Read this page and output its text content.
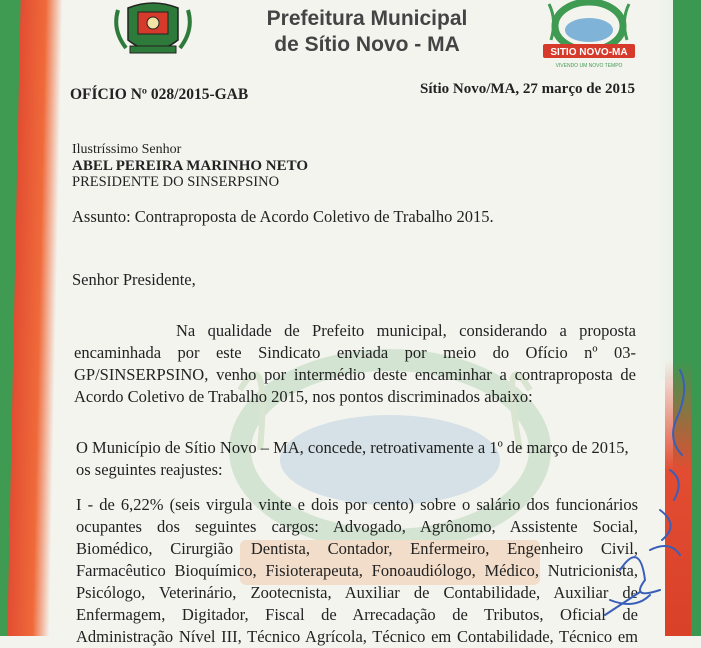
Prefeitura Municipal
de Sítio Novo - MA	SITIO NOVO-MA
VIVENDO UM NOVO TEMPO

OFÍCIO Nº 028/2015-GAB	Sítio Novo/MA, 27 março de 2015

Ilustríssimo Senhor

ABEL PEREIRA MARINHO NETO

PRESIDENTE DO SINSERPSINO

Assunto: Contraproposta de Acordo Coletivo de Trabalho 2015.

Senhor Presidente,

Na qualidade de Prefeito municipal, considerando a proposta

encaminhada por este Sindicato enviada por meio do Ofício nº 03-

GP/SINSERPSINO, venho por intermédio deste encaminhar a contraproposta de

Acordo Coletivo de Trabalho 2015, nos pontos discriminados abaixo:

O Município de Sítio Novo – MA, concede, retroativamente a 1º de março de 2015,

os seguintes reajustes:

I - de 6,22% (seis virgula vinte e dois por cento) sobre o salário dos funcionários

ocupantes dos seguintes cargos: Advogado, Agrônomo, Assistente Social,

Biomédico, Cirurgião Dentista, Contador, Enfermeiro, Engenheiro Civil,

Farmacêutico Bioquímico, Fisioterapeuta, Fonoaudiólogo, Médico, Nutricionista,

Psicólogo, Veterinário, Zootecnista, Auxiliar de Contabilidade, Auxiliar de

Enfermagem, Digitador, Fiscal de Arrecadação de Tributos, Oficial de

Administração Nível III, Técnico Agrícola, Técnico em Contabilidade, Técnico em
